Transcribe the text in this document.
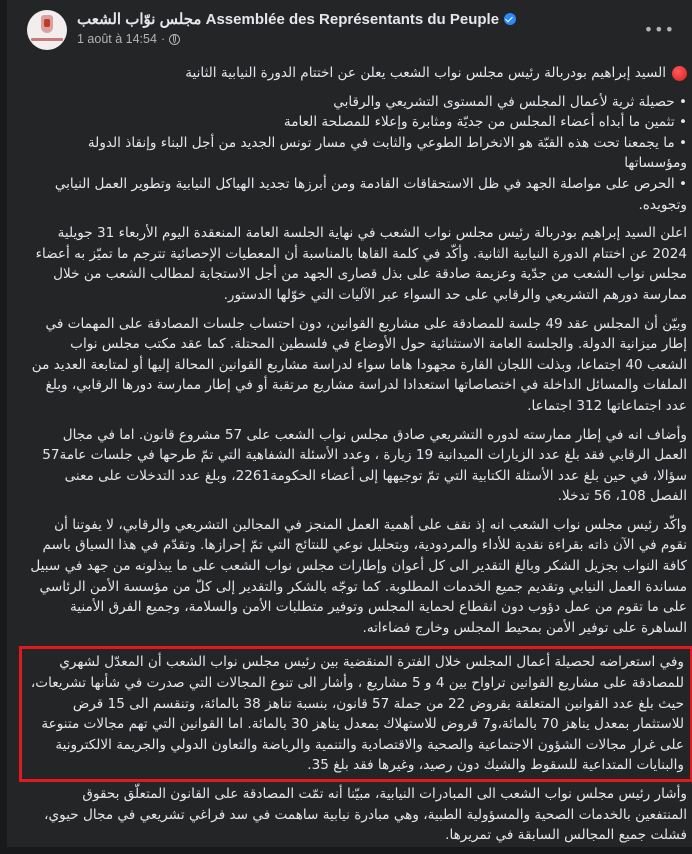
مجلس نوّاب الشعب Assemblée des Représentants du Peuple
1 août à 14:54 ·	•••
السيد إبراهيم بودربالة رئيس مجلس نواب الشعب يعلن عن اختتام الدورة النيابية الثانية
• حصيلة ثرية لأعمال المجلس في المستوى التشريعي والرقابي
• تثمين ما أبداه أعضاء المجلس من جديّة ومثابرة وإعلاء للمصلحة العامة
• ما يجمعنا تحت هذه القبّة هو الانخراط الطوعي والثابت في مسار تونس الجديد من أجل البناء وإنقاذ الدولة ومؤسساتها
• الحرص على مواصلة الجهد في ظل الاستحقاقات القادمة ومن أبرزها تجديد الهياكل النيابية وتطوير العمل النيابي وتجويده.

اعلن السيد إبراهيم بودربالة رئيس مجلس نواب الشعب في نهاية الجلسة العامة المنعقدة اليوم الأربعاء 31 جويلية 2024 عن اختتام الدورة النيابية الثانية. وأكّد في كلمة القاها بالمناسبة أن المعطيات الإحصائية تترجم ما تميّز به أعضاء مجلس نواب الشعب من جدّية وعزيمة صادقة على بذل قصارى الجهد من أجل الاستجابة لمطالب الشعب من خلال ممارسة دورهم التشريعي والرقابي على حد السواء عبر الآليات التي خوّلها الدستور.

وبيّن أن المجلس عقد 49 جلسة للمصادقة على مشاريع القوانين، دون احتساب جلسات المصادقة على المهمات في إطار ميزانية الدولة. والجلسة العامة الاستثنائية حول الأوضاع في فلسطين المحتلة. كما عقد مكتب مجلس نواب الشعب 40 اجتماعا، وبذلت اللجان القارة مجهودا هاما سواء لدراسة مشاريع القوانين المحالة إليها أو لمتابعة العديد من الملفات والمسائل الداخلة في اختصاصاتها استعدادا لدراسة مشاريع مرتقبة أو في إطار ممارسة دورها الرقابي، وبلغ عدد اجتماعاتها 312 اجتماعا.

وأضاف انه في إطار ممارسته لدوره التشريعي صادق مجلس نواب الشعب على 57 مشروع قانون. اما في مجال العمل الرقابي فقد بلغ عدد الزيارات الميدانية 19 زيارة ، وعدد الأسئلة الشفاهية التي تمّ طرحها في جلسات عامة57 سؤالا، في حين بلغ عدد الأسئلة الكتابية التي تمّ توجيهها إلى أعضاء الحكومة2261، وبلغ عدد التدخلات على معنى الفصل 108، 56 تدخلا.

واكّد رئيس مجلس نواب الشعب انه إذ نقف على أهمية العمل المنجز في المجالين التشريعي والرقابي، لا يفوتنا أن نقوم في الآن ذاته بقراءة نقدية للأداء والمردودية، وبتحليل نوعي للنتائج التي تمّ إحرازها. وتقدّم في هذا السياق باسم كافة النواب بجزيل الشكر وبالغ التقدير الى كل أعوان وإطارات مجلس نواب الشعب على ما يبذلونه من جهد في سبيل مساندة العمل النيابي وتقديم جميع الخدمات المطلوبة. كما توجّه بالشكر والتقدير إلى كلّ من مؤسسة الأمن الرئاسي على ما تقوم من عمل دؤوب دون انقطاع لحماية المجلس وتوفير متطلبات الأمن والسلامة، وجميع الفرق الأمنية الساهرة على توفير الأمن بمحيط المجلس وخارج فضاءاته.

وفي استعراضه لحصيلة أعمال المجلس خلال الفترة المنقضية بين رئيس مجلس نواب الشعب أن المعدّل لشهري للمصادقة على مشاريع القوانين تراواح بين 4 و 5 مشاريع ، وأشار الى تنوع المجالات التي صدرت في شأنها تشريعات، حيث بلغ عدد القوانين المتعلقة بقروض 22 من جملة 57 قانون، بنسبة تناهز 38 بالمائة، وتنقسم الى 15 قرض للاستثمار بمعدل يناهز 70 بالمائة،و7 قروض للاستهلاك بمعدل يناهز 30 بالمائة. اما القوانين التي تهم مجالات متنوعة على غرار مجالات الشؤون الاجتماعية والصحية والاقتصادية والتنمية والرياضة والتعاون الدولي والجريمة الالكترونية والبنايات المتداعية للسقوط والشيك دون رصيد، وغيرها فقد بلغ 35.

وأشار رئيس مجلس نواب الشعب الى المبادرات النيابية، مبيّنا أنه تمّت المصادقة على القانون المتعلّق بحقوق المنتفعين بالخدمات الصحية والمسؤولية الطبية، وهي مبادرة نيابية ساهمت في سد فراغي تشريعي في مجال حيوي، فشلت جميع المجالس السابقة في تمريرها.
